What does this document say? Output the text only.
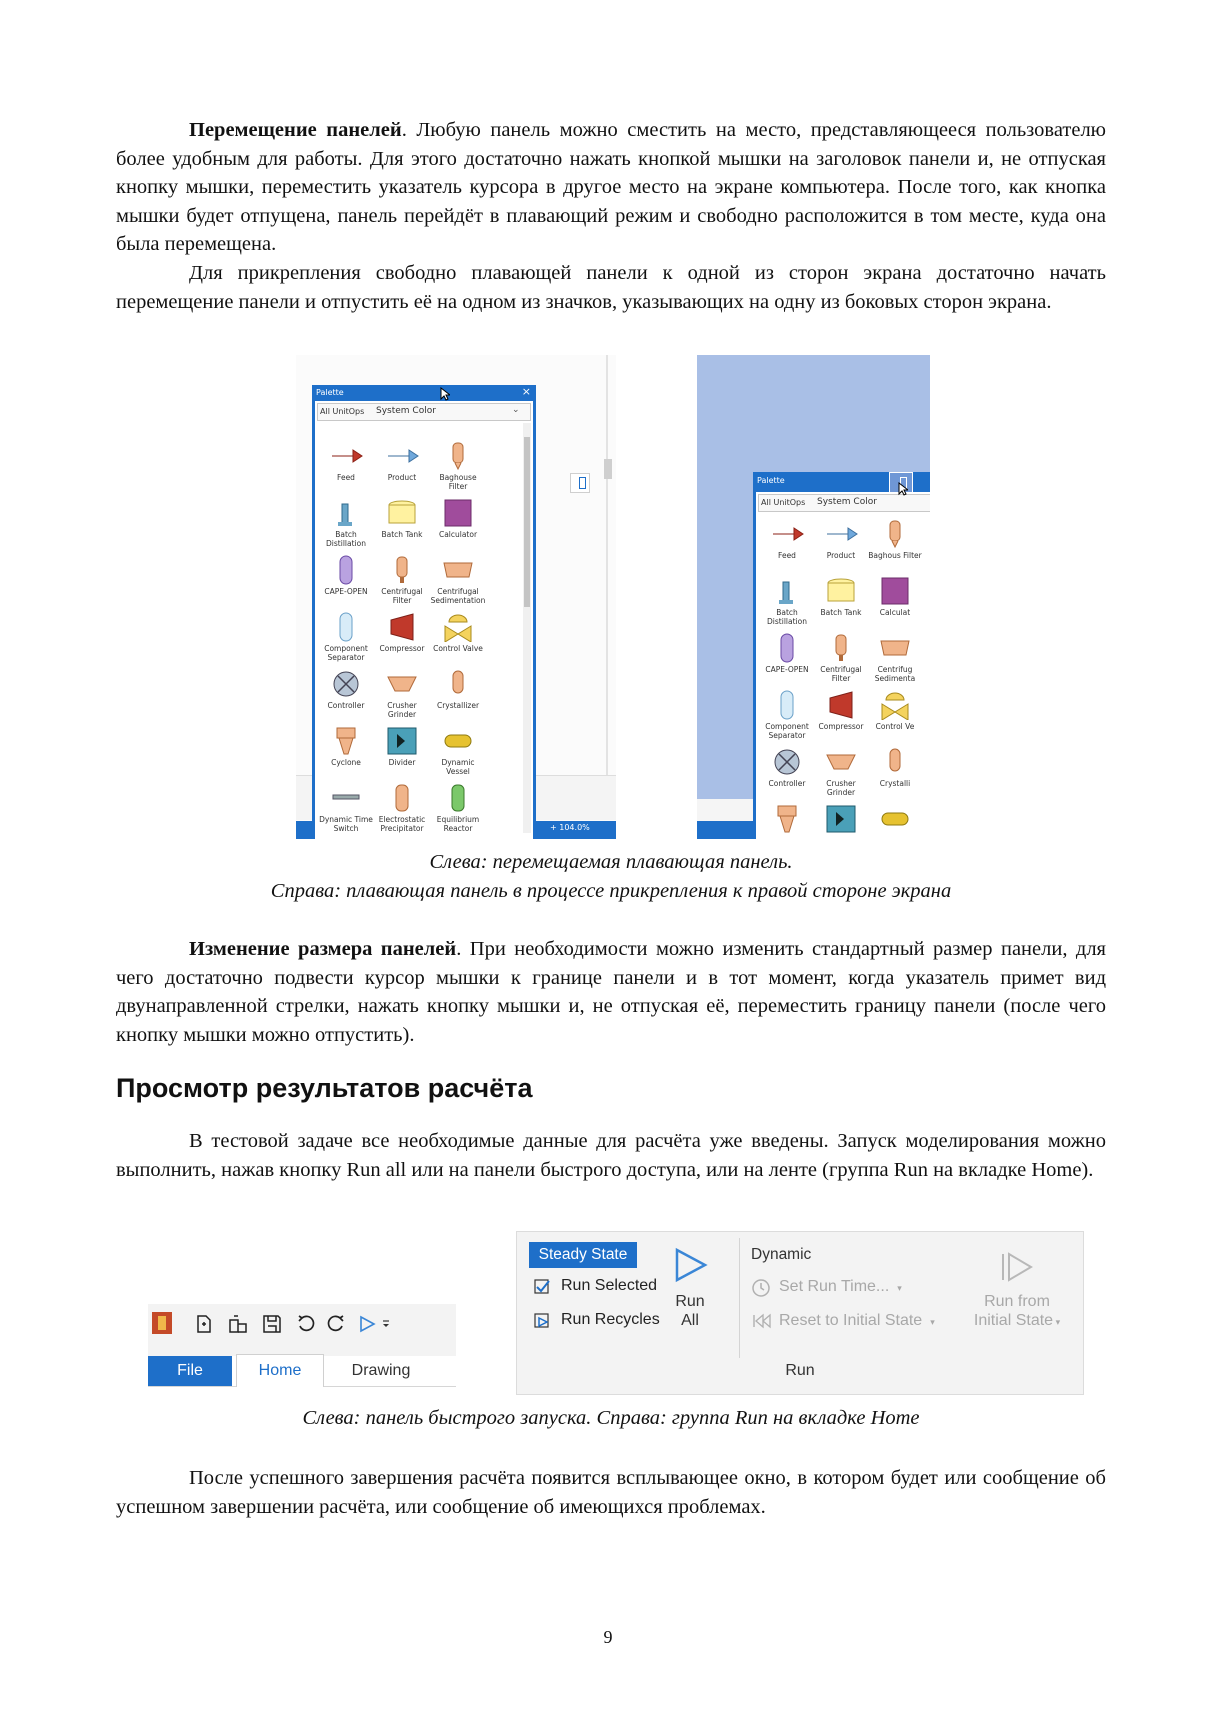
Перемещение панелей. Любую панель можно сместить на место, представляющееся пользователю более удобным для работы. Для этого достаточно нажать кнопкой мышки на заголовок панели и, не отпуская кнопку мышки, переместить указатель курсора в другое место на экране компьютера. После того, как кнопка мышки будет отпущена, панель перейдёт в плавающий режим и свободно расположится в том месте, куда она была перемещена.
Для прикрепления свободно плавающей панели к одной из сторон экрана достаточно начать перемещение панели и отпустить её на одном из значков, указывающих на одну из боковых сторон экрана.
+ 104.0%
Palette	×
All UnitOps System Color	⌄
Feed	Product	Baghouse Filter
Batch Distillation
Batch Tank	Calculator
CAPE-OPEN	Centrifugal Filter
Centrifugal Sedimentation
Component Separator
Compressor	Control Valve
Controller	Crusher Grinder
Crystallizer
Cyclone	Divider	Dynamic Vessel
Dynamic Time Switch
Electrostatic Precipitator
Equilibrium Reactor
Palette
All UnitOps System Color
Feed	Product	Baghous Filter
Batch Distillation
Batch Tank	Calculat
CAPE-OPEN	Centrifugal Filter
Centrifug Sedimenta
Component Separator
Compressor	Control Ve
Controller	Crusher Grinder
Crystalli
Слева: перемещаемая плавающая панель.
Справа: плавающая панель в процессе прикрепления к правой стороне экрана
Изменение размера панелей. При необходимости можно изменить стандартный размер панели, для чего достаточно подвести курсор мышки к границе панели и в тот момент, когда указатель примет вид двунаправленной стрелки, нажать кнопку мышки и, не отпуская её, переместить границу панели (после чего кнопку мышки можно отпустить).
Просмотр результатов расчёта
В тестовой задаче все необходимые данные для расчёта уже введены. Запуск моделирования можно выполнить, нажав кнопку Run all или на панели быстрого доступа, или на ленте (группа Run на вкладке Home).
File	Home	Drawing
Steady State
Run Selected
Run Recycles
Run
All
Dynamic
Set Run Time... ▾
Reset to Initial State ▾
Run from
Initial State ▾
Run
Слева: панель быстрого запуска. Справа: группа Run на вкладке Home
После успешного завершения расчёта появится всплывающее окно, в котором будет или сообщение об успешном завершении расчёта, или сообщение об имеющихся проблемах.
9
